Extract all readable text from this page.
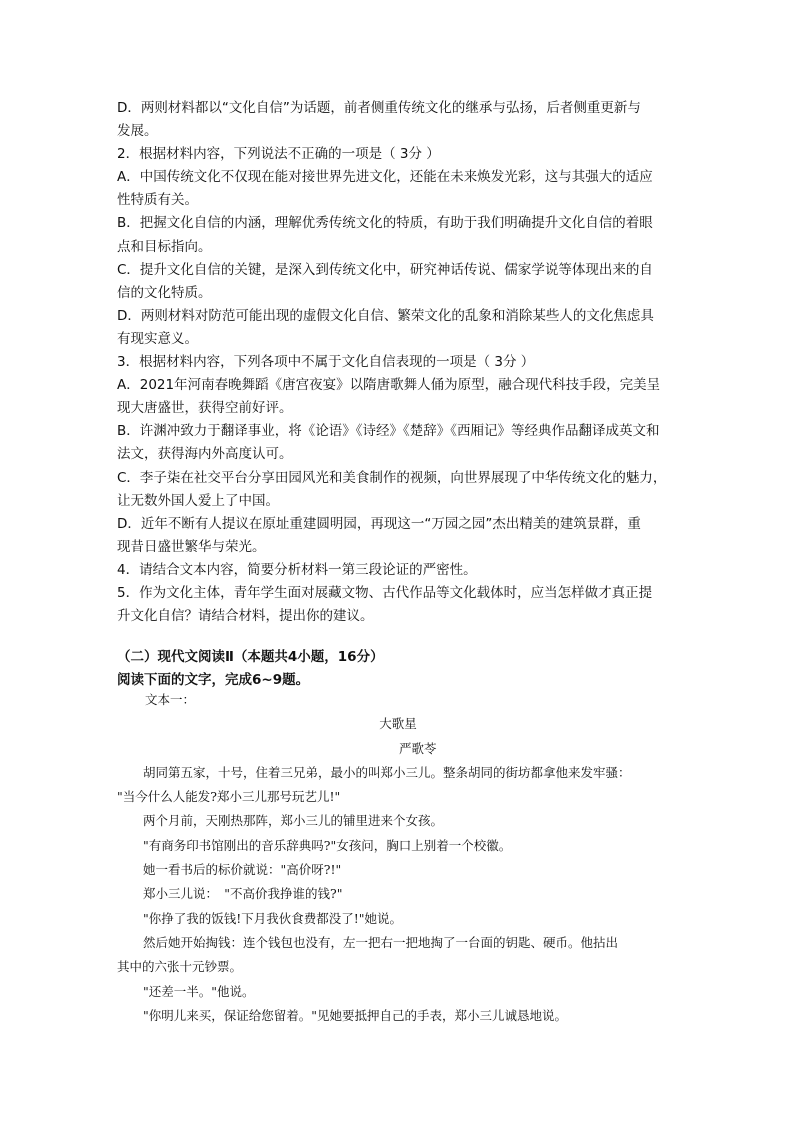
D．两则材料都以“文化自信”为话题，前者侧重传统文化的继承与弘扬，后者侧重更新与
发展。
2．根据材料内容，下列说法不正确的一项是（ 3分 ）
A．中国传统文化不仅现在能对接世界先进文化，还能在未来焕发光彩，这与其强大的适应
性特质有关。
B．把握文化自信的内涵，理解优秀传统文化的特质，有助于我们明确提升文化自信的着眼
点和目标指向。
C．提升文化自信的关键，是深入到传统文化中，研究神话传说、儒家学说等体现出来的自
信的文化特质。
D．两则材料对防范可能出现的虚假文化自信、繁荣文化的乱象和消除某些人的文化焦虑具
有现实意义。
3．根据材料内容，下列各项中不属于文化自信表现的一项是（ 3分 ）
A．2021年河南春晚舞蹈《唐宫夜宴》以隋唐歌舞人俑为原型，融合现代科技手段，完美呈
现大唐盛世，获得空前好评。
B．许渊冲致力于翻译事业，将《论语》《诗经》《楚辞》《西厢记》等经典作品翻译成英文和
法文，获得海内外高度认可。
C．李子柒在社交平台分享田园风光和美食制作的视频，向世界展现了中华传统文化的魅力，
让无数外国人爱上了中国。
D．近年不断有人提议在原址重建圆明园，再现这一“万园之园”杰出精美的建筑景群，重
现昔日盛世繁华与荣光。
4．请结合文本内容，简要分析材料一第三段论证的严密性。
5．作为文化主体，青年学生面对展藏文物、古代作品等文化载体时，应当怎样做才真正提
升文化自信？请结合材料，提出你的建议。
（二）现代文阅读Ⅱ（本题共4小题，16分）
阅读下面的文字，完成6~9题。
文本一：
大歌星
严歌苓
胡同第五家，十号，住着三兄弟，最小的叫郑小三儿。整条胡同的街坊都拿他来发牢骚：
"当今什么人能发?郑小三儿那号玩艺儿!"
两个月前，天刚热那阵，郑小三儿的铺里进来个女孩。
"有商务印书馆刚出的音乐辞典吗?"女孩问，胸口上别着一个校徽。
她一看书后的标价就说："高价呀?!"
郑小三儿说：　"不高价我挣谁的钱?"
"你挣了我的饭钱!下月我伙食费都没了!"她说。
然后她开始掏钱：连个钱包也没有，左一把右一把地掏了一台面的钥匙、硬币。他拈出
其中的六张十元钞票。
"还差一半。"他说。
"你明儿来买，保证给您留着。"见她要抵押自己的手表，郑小三儿诚恳地说。
